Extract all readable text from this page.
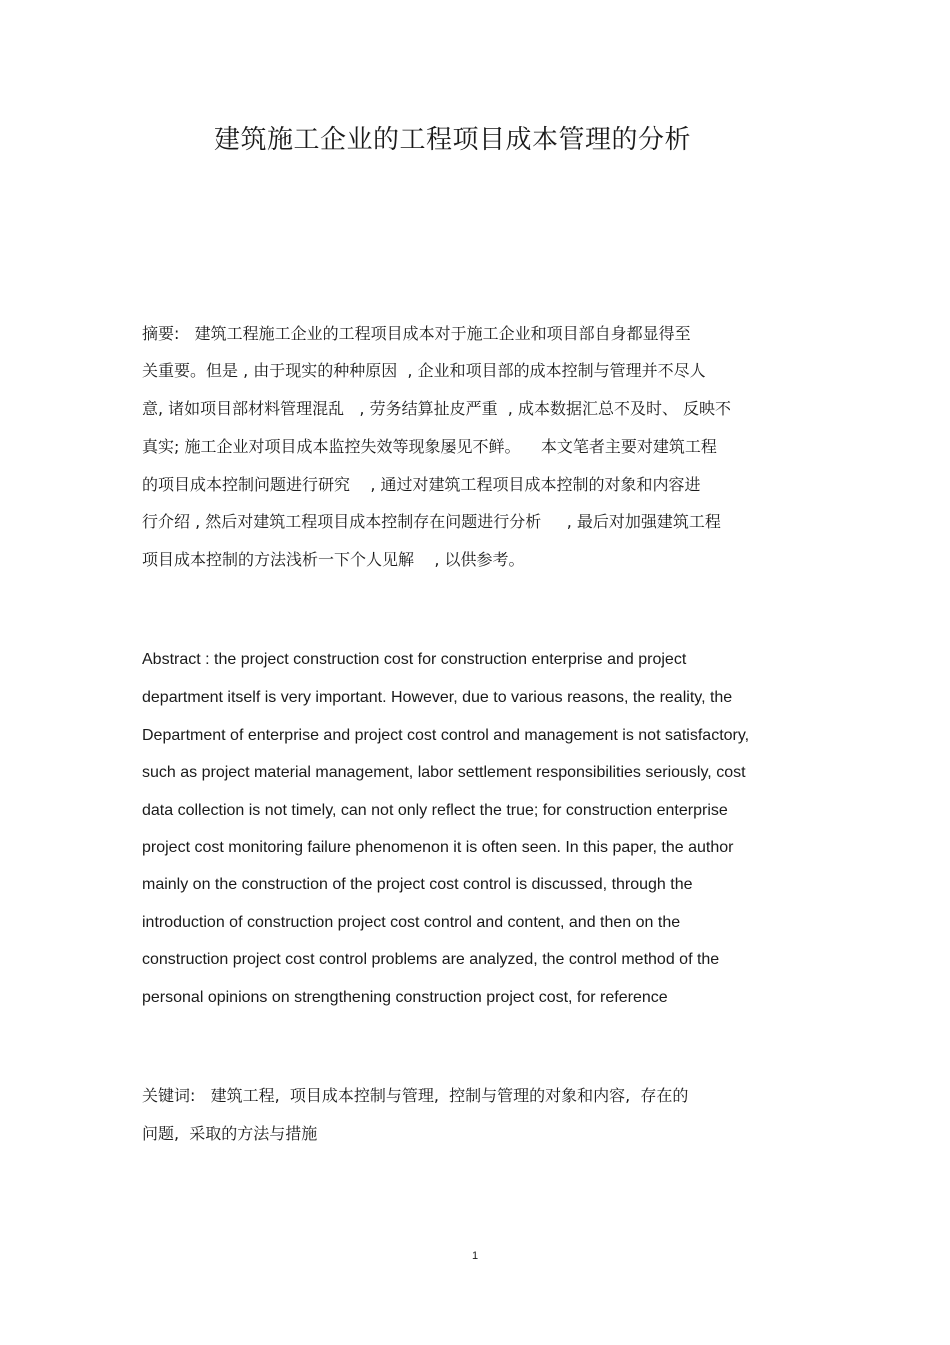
建筑施工企业的工程项目成本管理的分析

摘要:   建筑工程施工企业的工程项目成本对于施工企业和项目部自身都显得至

关重要。但是 , 由于现实的种种原因  , 企业和项目部的成本控制与管理并不尽人

意, 诸如项目部材料管理混乱   , 劳务结算扯皮严重  , 成本数据汇总不及时、 反映不

真实; 施工企业对项目成本监控失效等现象屡见不鲜。    本文笔者主要对建筑工程

的项目成本控制问题进行研究    , 通过对建筑工程项目成本控制的对象和内容进

行介绍 , 然后对建筑工程项目成本控制存在问题进行分析     , 最后对加强建筑工程

项目成本控制的方法浅析一下个人见解    , 以供参考。

Abstract : the project construction cost for construction enterprise and project

department itself is very important. However, due to various reasons, the reality, the

Department of enterprise and project cost control and management is not satisfactory,

such as project material management, labor settlement responsibilities seriously, cost

data collection is not timely, can not only reflect the true; for construction enterprise

project cost monitoring failure phenomenon it is often seen. In this paper, the author

mainly on the construction of the project cost control is discussed, through the

introduction of construction project cost control and content, and then on the

construction project cost control problems are analyzed, the control method of the

personal opinions on strengthening construction project cost, for reference

关键词:   建筑工程,  项目成本控制与管理,  控制与管理的对象和内容,  存在的

问题,  采取的方法与措施

1
